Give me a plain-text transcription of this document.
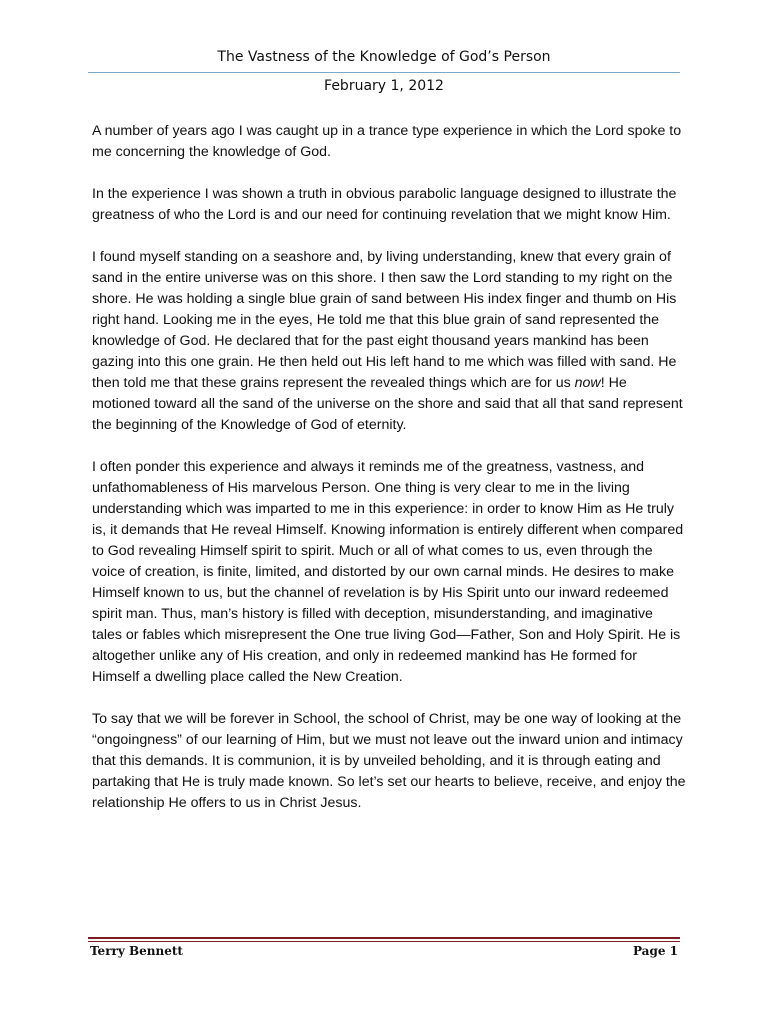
The Vastness of the Knowledge of God’s Person
February 1, 2012

A number of years ago I was caught up in a trance type experience in which the Lord spoke to me concerning the knowledge of God.

In the experience I was shown a truth in obvious parabolic language designed to illustrate the greatness of who the Lord is and our need for continuing revelation that we might know Him.

I found myself standing on a seashore and, by living understanding, knew that every grain of sand in the entire universe was on this shore. I then saw the Lord standing to my right on the shore. He was holding a single blue grain of sand between His index finger and thumb on His right hand. Looking me in the eyes, He told me that this blue grain of sand represented the knowledge of God. He declared that for the past eight thousand years mankind has been gazing into this one grain. He then held out His left hand to me which was filled with sand. He then told me that these grains represent the revealed things which are for us now! He motioned toward all the sand of the universe on the shore and said that all that sand represent the beginning of the Knowledge of God of eternity.

I often ponder this experience and always it reminds me of the greatness, vastness, and unfathomableness of His marvelous Person. One thing is very clear to me in the living understanding which was imparted to me in this experience: in order to know Him as He truly is, it demands that He reveal Himself. Knowing information is entirely different when compared to God revealing Himself spirit to spirit. Much or all of what comes to us, even through the voice of creation, is finite, limited, and distorted by our own carnal minds. He desires to make Himself known to us, but the channel of revelation is by His Spirit unto our inward redeemed spirit man. Thus, man’s history is filled with deception, misunderstanding, and imaginative tales or fables which misrepresent the One true living God—Father, Son and Holy Spirit. He is altogether unlike any of His creation, and only in redeemed mankind has He formed for Himself a dwelling place called the New Creation.

To say that we will be forever in School, the school of Christ, may be one way of looking at the “ongoingness” of our learning of Him, but we must not leave out the inward union and intimacy that this demands. It is communion, it is by unveiled beholding, and it is through eating and partaking that He is truly made known. So let’s set our hearts to believe, receive, and enjoy the relationship He offers to us in Christ Jesus.

Terry Bennett	Page 1
